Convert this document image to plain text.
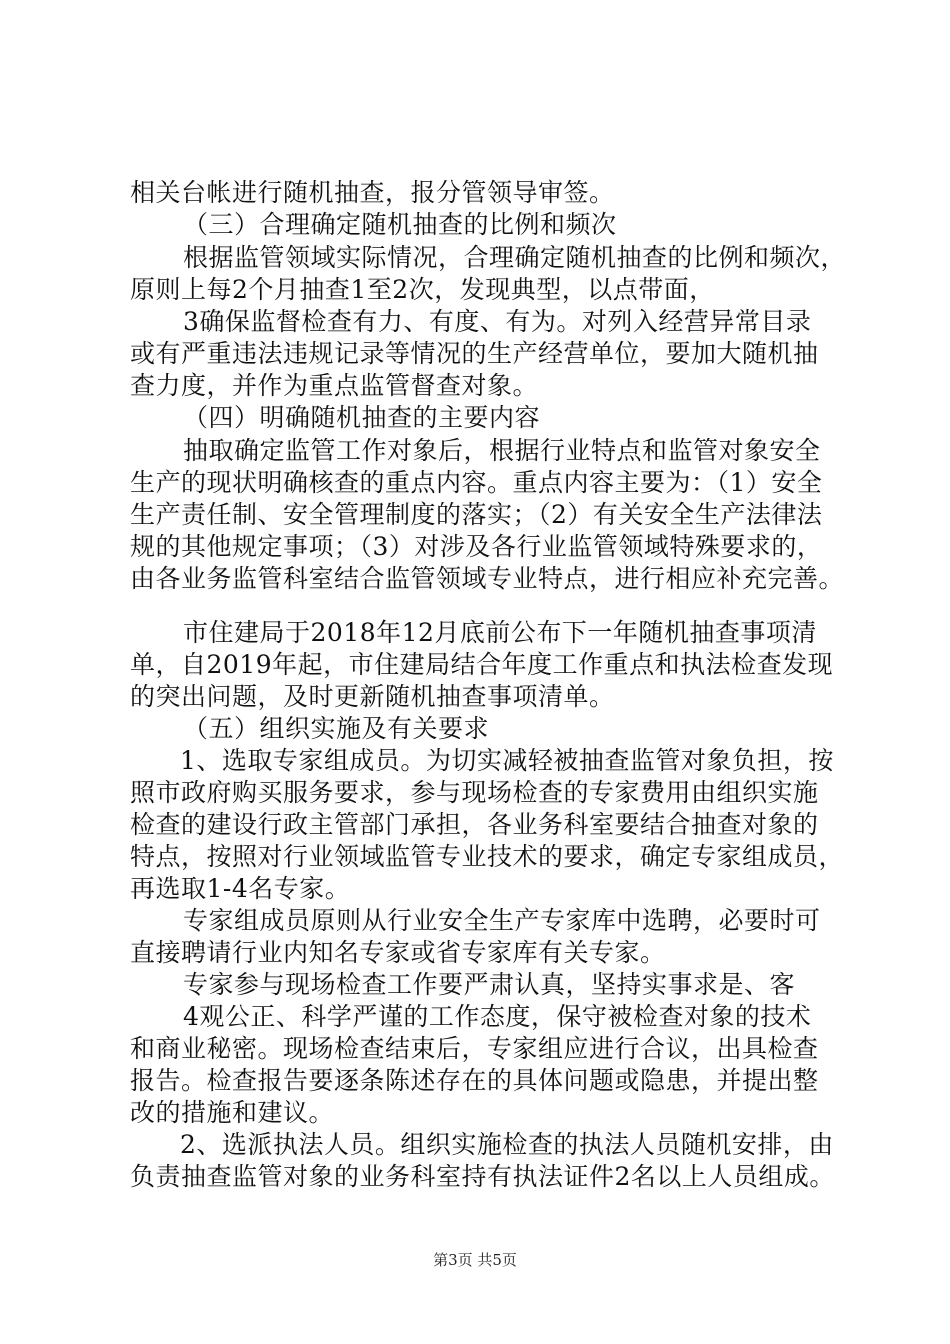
相关台帐进行随机抽查，报分管领导审签。
（三）合理确定随机抽查的比例和频次
根据监管领域实际情况，合理确定随机抽查的比例和频次，
原则上每2个月抽查1至2次，发现典型，以点带面，
3确保监督检查有力、有度、有为。对列入经营异常目录
或有严重违法违规记录等情况的生产经营单位，要加大随机抽
查力度，并作为重点监管督查对象。
（四）明确随机抽查的主要内容
抽取确定监管工作对象后，根据行业特点和监管对象安全
生产的现状明确核查的重点内容。重点内容主要为：（1）安全
生产责任制、安全管理制度的落实；（2）有关安全生产法律法
规的其他规定事项；（3）对涉及各行业监管领域特殊要求的，
由各业务监管科室结合监管领域专业特点，进行相应补充完善。
市住建局于2018年12月底前公布下一年随机抽查事项清
单，自2019年起，市住建局结合年度工作重点和执法检查发现
的突出问题，及时更新随机抽查事项清单。
（五）组织实施及有关要求
1、选取专家组成员。为切实减轻被抽查监管对象负担，按
照市政府购买服务要求，参与现场检查的专家费用由组织实施
检查的建设行政主管部门承担，各业务科室要结合抽查对象的
特点，按照对行业领域监管专业技术的要求，确定专家组成员，
再选取1-4名专家。
专家组成员原则从行业安全生产专家库中选聘，必要时可
直接聘请行业内知名专家或省专家库有关专家。
专家参与现场检查工作要严肃认真，坚持实事求是、客
4观公正、科学严谨的工作态度，保守被检查对象的技术
和商业秘密。现场检查结束后，专家组应进行合议，出具检查
报告。检查报告要逐条陈述存在的具体问题或隐患，并提出整
改的措施和建议。
2、选派执法人员。组织实施检查的执法人员随机安排，由
负责抽查监管对象的业务科室持有执法证件2名以上人员组成。
第3页 共5页
